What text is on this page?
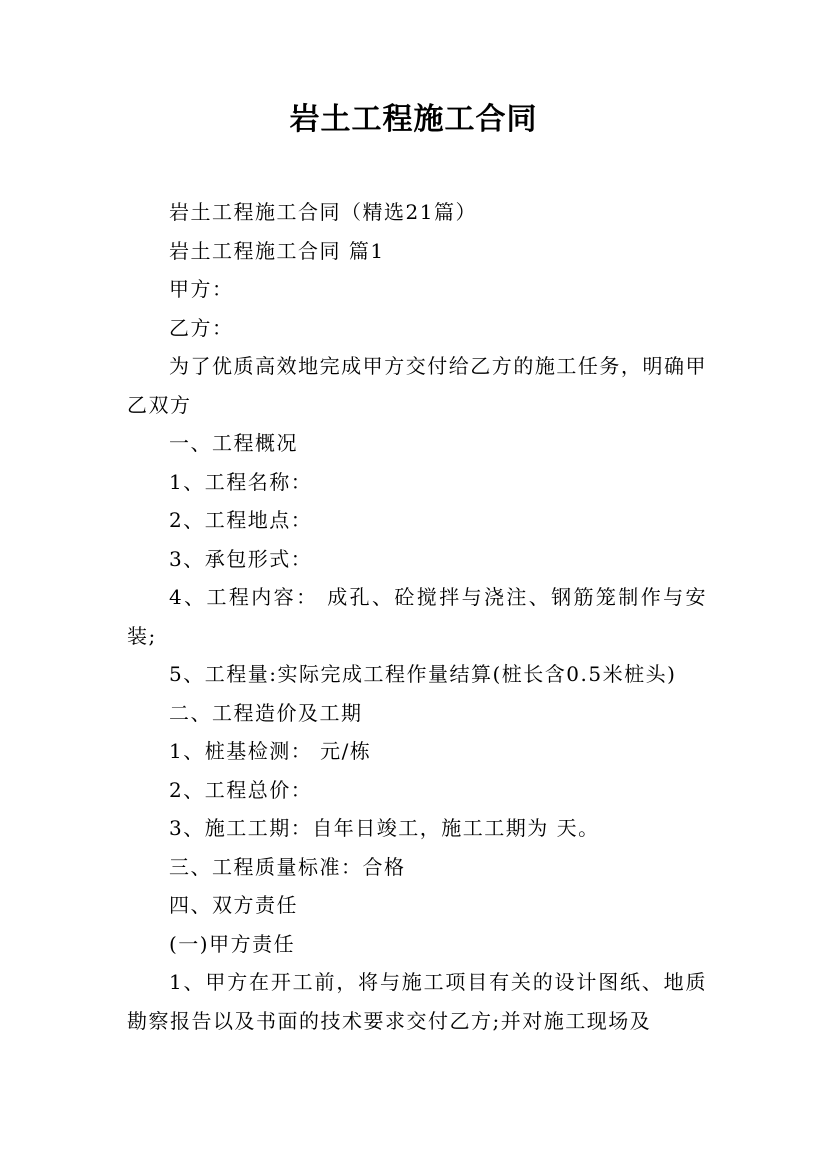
岩土工程施工合同

岩土工程施工合同（精选21篇）

岩土工程施工合同 篇1

甲方：

乙方：

为了优质高效地完成甲方交付给乙方的施工任务，明确甲乙双方

一、工程概况

1、工程名称：

2、工程地点：

3、承包形式：

4、工程内容： 成孔、砼搅拌与浇注、钢筋笼制作与安装;

5、工程量:实际完成工程作量结算(桩长含0.5米桩头)

二、工程造价及工期

1、桩基检测： 元/栋

2、工程总价：

3、施工工期：自年日竣工，施工工期为 天。

三、工程质量标准：合格

四、双方责任

(一)甲方责任

1、甲方在开工前，将与施工项目有关的设计图纸、地质勘察报告以及书面的技术要求交付乙方;并对施工现场及
